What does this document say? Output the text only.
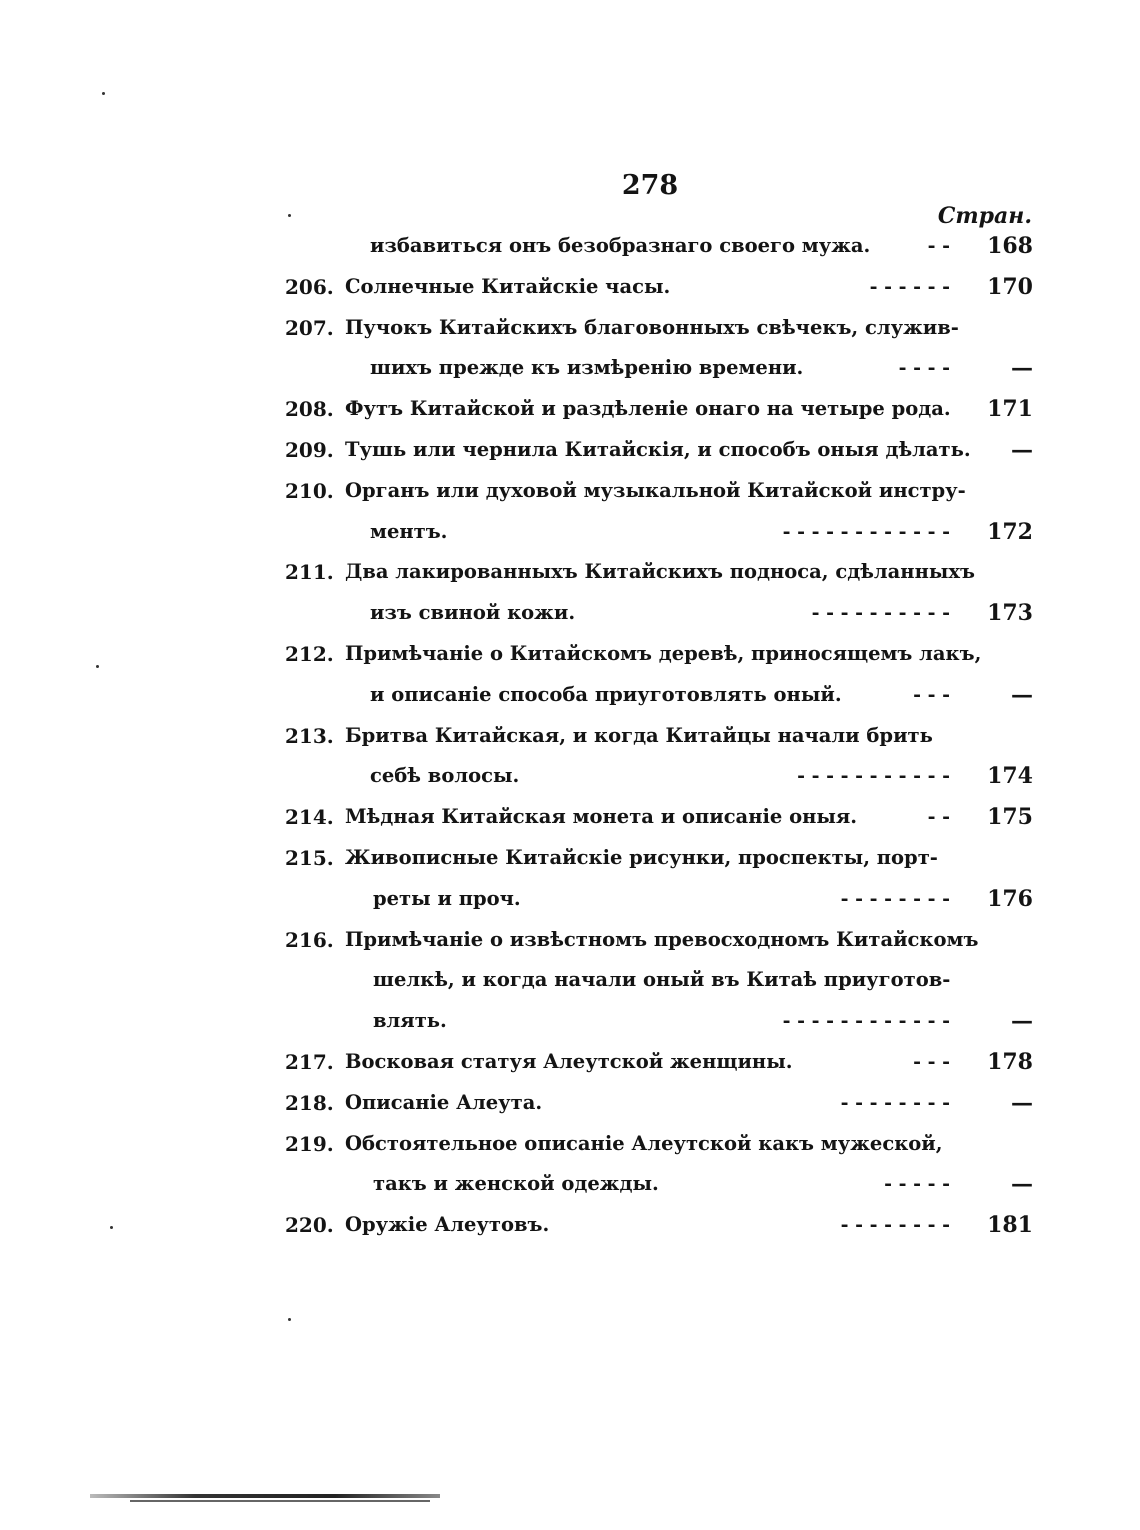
278
Стран.
избавиться онъ безобразнаго своего мужа.	- -	168
206. Солнечные Китайскіе часы.	- - - - - -	170
207. Пучокъ Китайскихъ благовонныхъ свѣчекъ, служив-
шихъ прежде къ измѣренію времени.	- - - -	—
208. Футъ Китайской и раздѣленіе онаго на четыре рода.	171
209. Тушь или чернила Китайскія, и способъ оныя дѣлать.	—
210. Органъ или духовой музыкальной Китайской инстру-
ментъ.	- - - - - - - - - - - -	172
211. Два лакированныхъ Китайскихъ подноса, сдѣланныхъ
изъ свиной кожи.	- - - - - - - - - -	173
212. Примѣчаніе о Китайскомъ деревѣ, приносящемъ лакъ,
и описаніе способа приуготовлять оный.	- - -	—
213. Бритва Китайская, и когда Китайцы начали брить
себѣ волосы.	- - - - - - - - - - -	174
214. Мѣдная Китайская монета и описаніе оныя.	- -	175
215. Живописные Китайскіе рисунки, проспекты, порт-
реты и проч.	- - - - - - - -	176
216. Примѣчаніе о извѣстномъ превосходномъ Китайскомъ
шелкѣ, и когда начали оный въ Китаѣ приуготов-
влять.	- - - - - - - - - - - -	—
217. Восковая статуя Алеутской женщины.	- - -	178
218. Описаніе Алеута.	- - - - - - - -	—
219. Обстоятельное описаніе Алеутской какъ мужеской,
такъ и женской одежды.	- - - - -	—
220. Оружіе Алеутовъ.	- - - - - - - -	181
